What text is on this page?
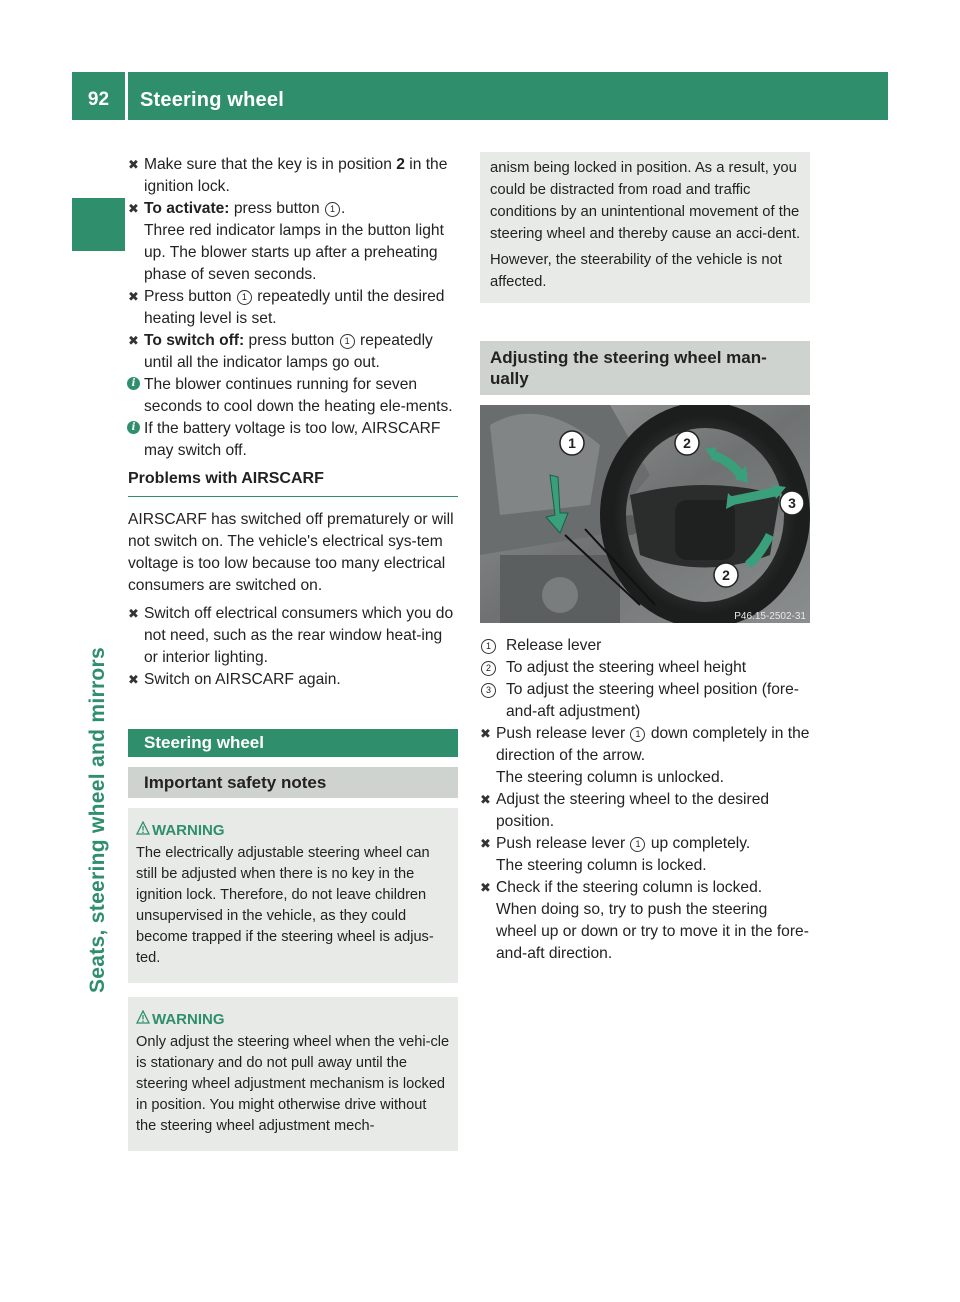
92	Steering wheel
Seats, steering wheel and mirrors

✖ Make sure that the key is in position 2 in the ignition lock.

✖ To activate: press button 1 .
Three red indicator lamps in the button light up. The blower starts up after a preheating phase of seven seconds.

✖ Press button 1 repeatedly until the desired heating level is set.

✖ To switch off: press button 1 repeatedly until all the indicator lamps go out.

i The blower continues running for seven seconds to cool down the heating ele-ments.

i If the battery voltage is too low, AIRSCARF may switch off.

Problems with AIRSCARF

AIRSCARF has switched off prematurely or will not switch on. The vehicle's electrical sys-tem voltage is too low because too many electrical consumers are switched on.

✖ Switch off electrical consumers which you do not need, such as the rear window heat-ing or interior lighting.

✖ Switch on AIRSCARF again.

Steering wheel
Important safety notes
WARNING
The electrically adjustable steering wheel can still be adjusted when there is no key in the ignition lock. Therefore, do not leave children unsupervised in the vehicle, as they could become trapped if the steering wheel is adjus-ted.
WARNING
Only adjust the steering wheel when the vehi-cle is stationary and do not pull away until the steering wheel adjustment mechanism is locked in position. You might otherwise drive without the steering wheel adjustment mech-

anism being locked in position. As a result, you could be distracted from road and traffic conditions by an unintentional movement of the steering wheel and thereby cause an acci-dent.

However, the steerability of the vehicle is not affected.

Adjusting the steering wheel man-ually
1	2
3
2
P46.15-2502-31

1 Release lever

2 To adjust the steering wheel height

3 To adjust the steering wheel position (fore-and-aft adjustment)

✖ Push release lever 1 down completely in the direction of the arrow.
The steering column is unlocked.

✖ Adjust the steering wheel to the desired position.

✖ Push release lever 1 up completely.
The steering column is locked.

✖ Check if the steering column is locked.
When doing so, try to push the steering wheel up or down or try to move it in the fore-and-aft direction.
